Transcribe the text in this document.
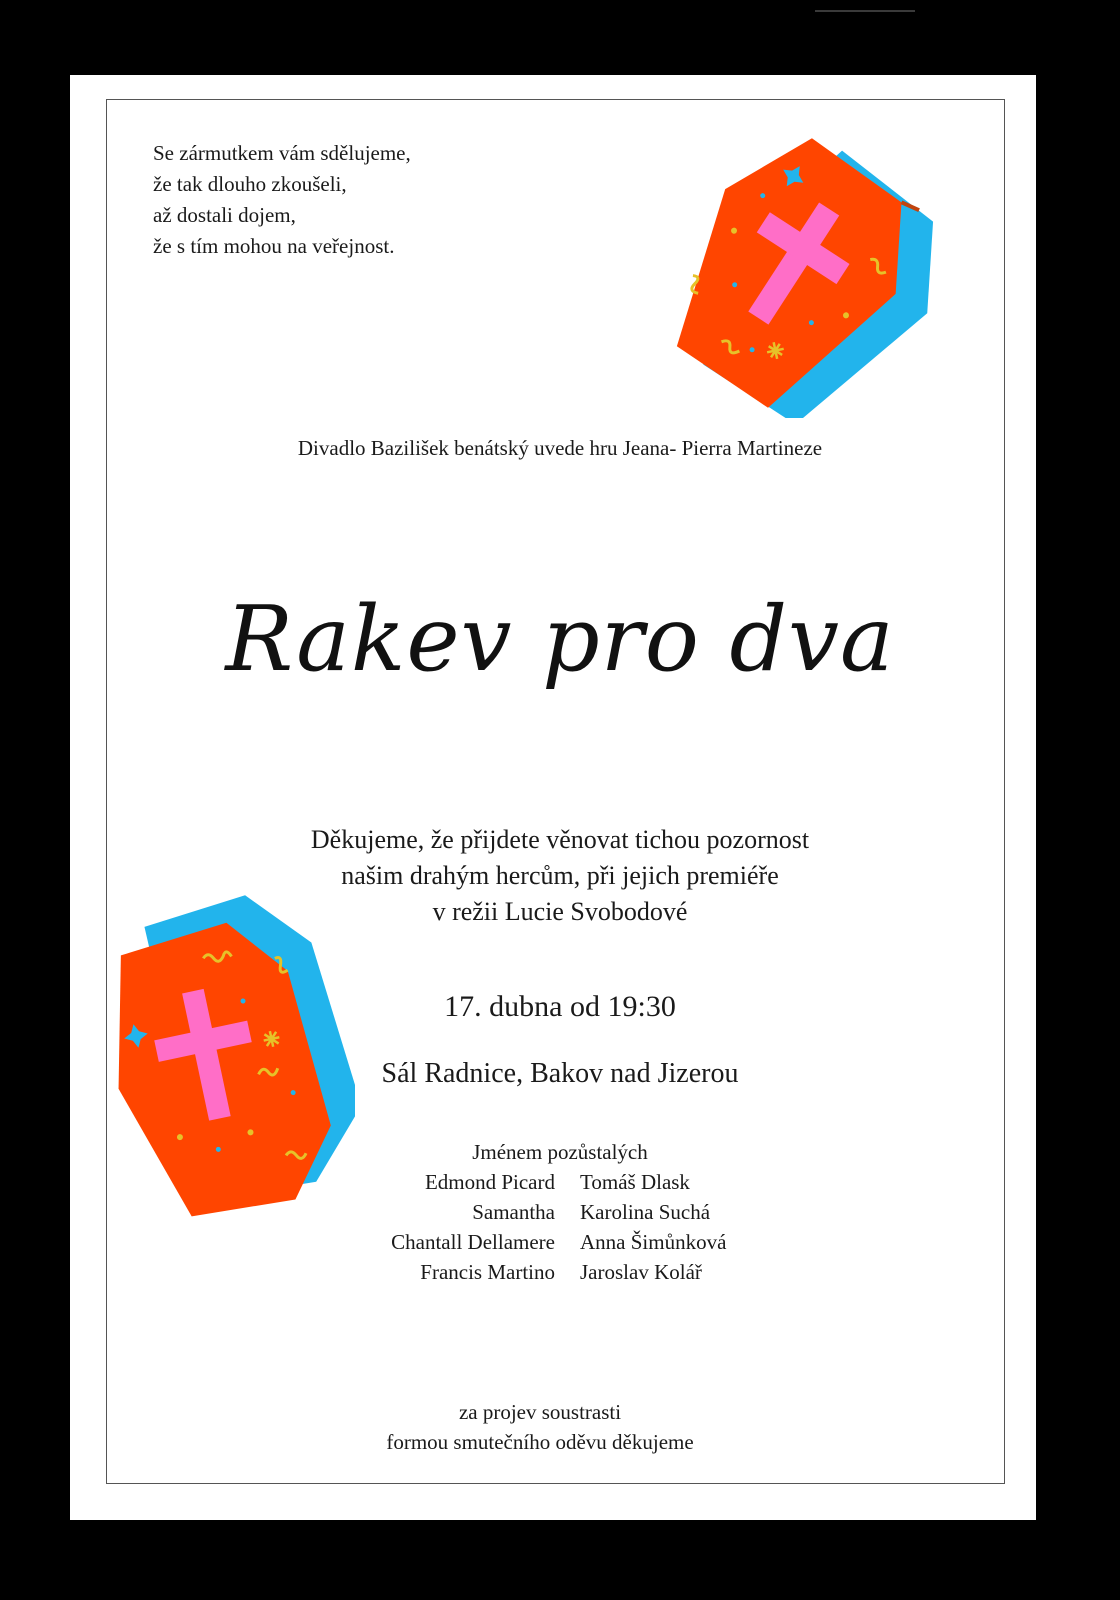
Se zármutkem vám sdělujeme,
že tak dlouho zkoušeli,
až dostali dojem,
že s tím mohou na veřejnost.
Divadlo Bazilišek benátský uvede hru Jeana- Pierra Martineze
Rakev pro dva
Děkujeme, že přijdete věnovat tichou pozornost
našim drahým hercům, při jejich premiéře
v režii Lucie Svobodové
17. dubna od 19:30
Sál Radnice, Bakov nad Jizerou
Jménem pozůstalých
Edmond Picard Tomáš Dlask
Samantha Karolina Suchá
Chantall Dellamere Anna Šimůnková
Francis Martino Jaroslav Kolář
za projev soustrasti
formou smutečního oděvu děkujeme
